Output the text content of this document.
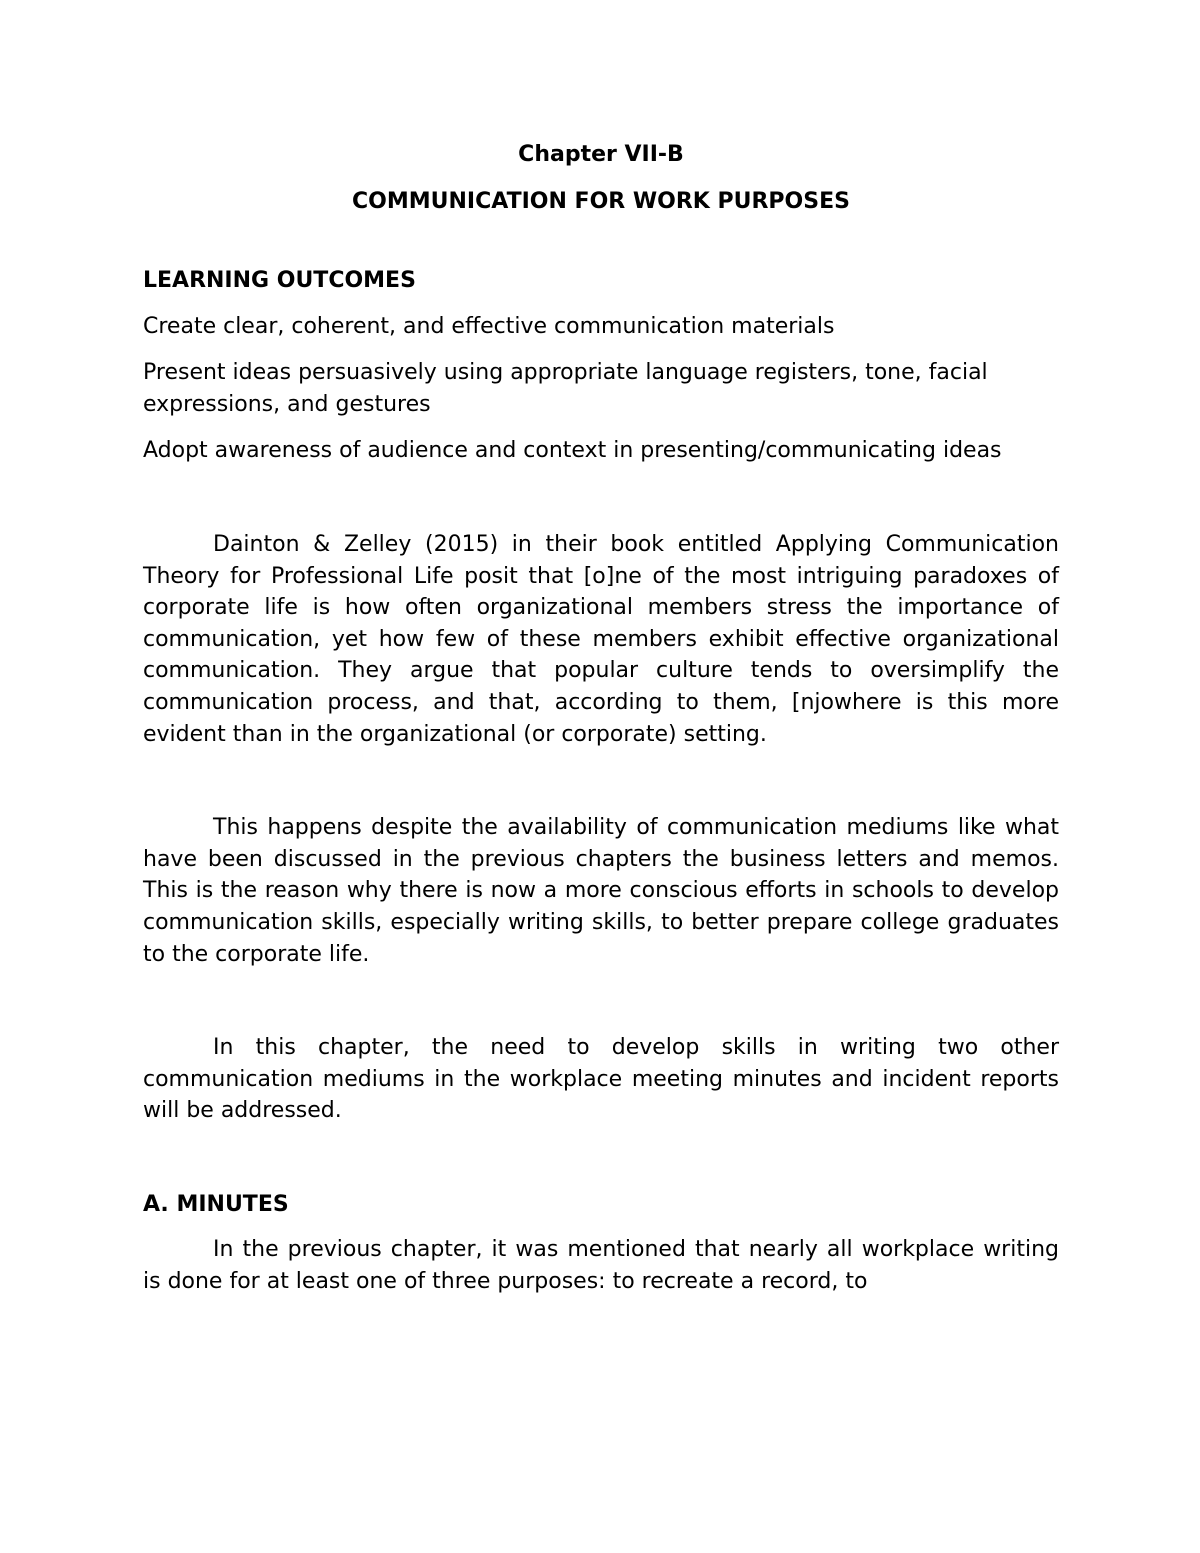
Chapter VII-B

COMMUNICATION FOR WORK PURPOSES

LEARNING OUTCOMES

Create clear, coherent, and effective communication materials

Present ideas persuasively using appropriate language registers, tone, facial expressions, and gestures

Adopt awareness of audience and context in presenting/communicating ideas

Dainton & Zelley (2015) in their book entitled Applying Communication Theory for Professional Life posit that [o]ne of the most intriguing paradoxes of corporate life is how often organizational members stress the importance of communication, yet how few of these members exhibit effective organizational communication. They argue that popular culture tends to oversimplify the communication process, and that, according to them, [njowhere is this more evident than in the organizational (or corporate) setting.

This happens despite the availability of communication mediums like what have been discussed in the previous chapters the business letters and memos. This is the reason why there is now a more conscious efforts in schools to develop communication skills, especially writing skills, to better prepare college graduates to the corporate life.

In this chapter, the need to develop skills in writing two other communication mediums in the workplace meeting minutes and incident reports will be addressed.

A. MINUTES

In the previous chapter, it was mentioned that nearly all workplace writing is done for at least one of three purposes: to recreate a record, to
